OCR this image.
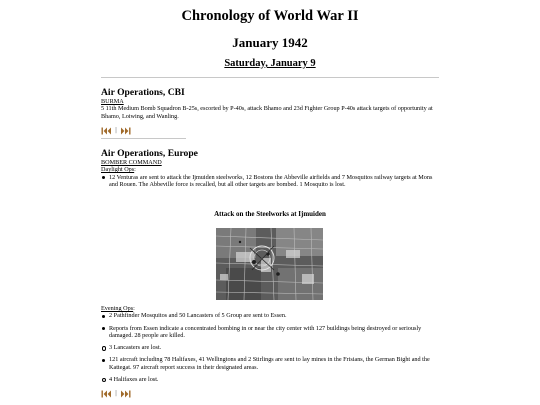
Chronology of World War II
January 1942
Saturday, January 9

Air Operations, CBI

BURMA
5 11th Medium Bomb Squadron B-25s, escorted by P-40s, attack Bhamo and 23d Fighter Group P-40s attack targets of opportunity at Bhamo, Loiwing, and Wanling.
|

Air Operations, Europe

BOMBER COMMAND
Daylight Ops:

12 Venturas are sent to attack the Ijmuiden steelworks, 12 Bostons the Abbeville airfields and 7 Mosquitos railway targets at Mons and Rouen. The Abbeville force is recalled, but all other targets are bombed. 1 Mosquito is lost.

Attack on the Steelworks at Ijmuiden
Evening Ops:

2 Pathfinder Mosquitos and 50 Lancasters of 5 Group are sent to Essen.

Reports from Essen indicate a concentrated bombing in or near the city center with 127 buildings being destroyed or seriously damaged. 28 people are killed.

3 Lancasters are lost.

121 aircraft including 78 Halifaxes, 41 Wellingtons and 2 Stirlings are sent to lay mines in the Frisians, the German Bight and the Kattegat. 97 aircraft report success in their designated areas.

4 Halifaxes are lost.

|
